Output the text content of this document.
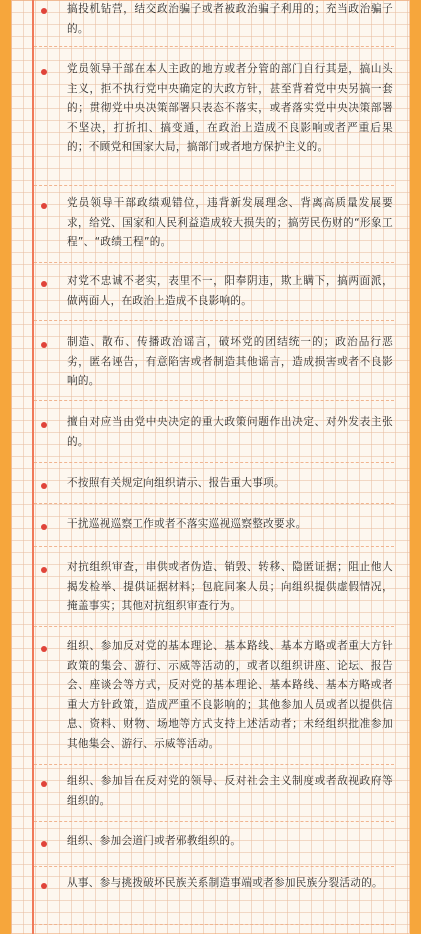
搞投机钻营，结交政治骗子或者被政治骗子利用的；充当政治骗子的。
党员领导干部在本人主政的地方或者分管的部门自行其是，搞山头主义，拒不执行党中央确定的大政方针，甚至背着党中央另搞一套的；贯彻党中央决策部署只表态不落实，或者落实党中央决策部署不坚决，打折扣、搞变通，在政治上造成不良影响或者严重后果的；不顾党和国家大局，搞部门或者地方保护主义的。
党员领导干部政绩观错位，违背新发展理念、背离高质量发展要求，给党、国家和人民利益造成较大损失的；搞劳民伤财的“形象工程”、“政绩工程”的。
对党不忠诚不老实，表里不一，阳奉阴违，欺上瞒下，搞两面派，做两面人，在政治上造成不良影响的。
制造、散布、传播政治谣言，破坏党的团结统一的；政治品行恶劣，匿名诬告，有意陷害或者制造其他谣言，造成损害或者不良影响的。
擅自对应当由党中央决定的重大政策问题作出决定、对外发表主张的。
不按照有关规定向组织请示、报告重大事项。
干扰巡视巡察工作或者不落实巡视巡察整改要求。
对抗组织审查，串供或者伪造、销毁、转移、隐匿证据；阻止他人揭发检举、提供证据材料；包庇同案人员；向组织提供虚假情况，掩盖事实；其他对抗组织审查行为。
组织、参加反对党的基本理论、基本路线、基本方略或者重大方针政策的集会、游行、示威等活动的，或者以组织讲座、论坛、报告会、座谈会等方式，反对党的基本理论、基本路线、基本方略或者重大方针政策，造成严重不良影响的；其他参加人员或者以提供信息、资料、财物、场地等方式支持上述活动者；未经组织批准参加其他集会、游行、示威等活动。
组织、参加旨在反对党的领导、反对社会主义制度或者敌视政府等组织的。
组织、参加会道门或者邪教组织的。
从事、参与挑拨破坏民族关系制造事端或者参加民族分裂活动的。
